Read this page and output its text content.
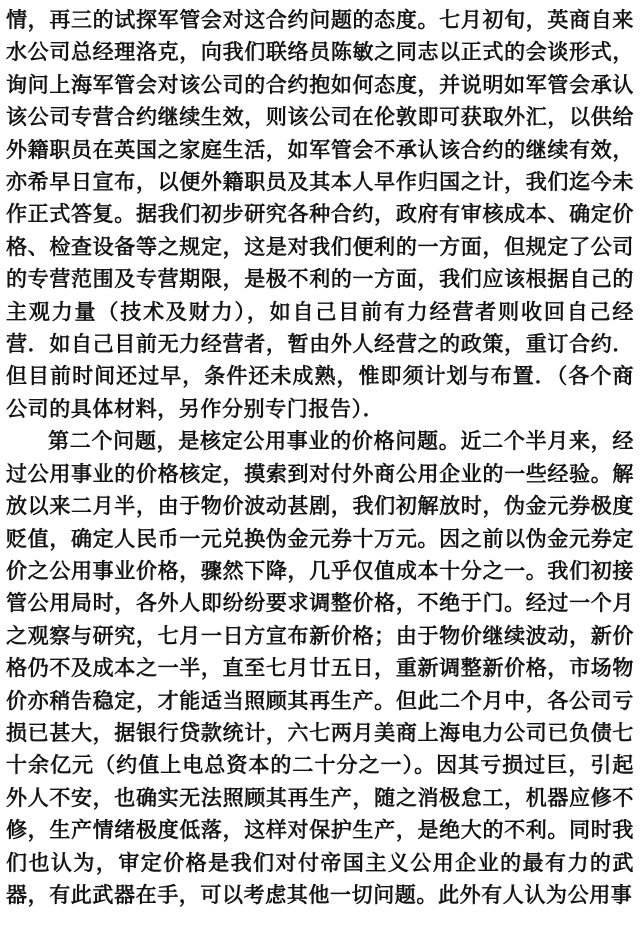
情，再三的试探军管会对这合约问题的态度。七月初旬，英商自来水公司总经理洛克，向我们联络员陈敏之同志以正式的会谈形式，询问上海军管会对该公司的合约抱如何态度，并说明如军管会承认该公司专营合约继续生效，则该公司在伦敦即可获取外汇，以供给外籍职员在英国之家庭生活，如军管会不承认该合约的继续有效，亦希早日宣布，以便外籍职员及其本人早作归国之计，我们迄今未作正式答复。据我们初步研究各种合约，政府有审核成本、确定价格、检查设备等之规定，这是对我们便利的一方面，但规定了公司的专营范围及专营期限，是极不利的一方面，我们应该根据自己的主观力量（技术及财力），如自己目前有力经营者则收回自己经营．如自己目前无力经营者，暂由外人经营之的政策，重订合约．但目前时间还过早，条件还未成熟，惟即须计划与布置．（各个商公司的具体材料，另作分别专门报告）．

第二个问题，是核定公用事业的价格问题。近二个半月来，经过公用事业的价格核定，摸索到对付外商公用企业的一些经验。解放以来二月半，由于物价波动甚剧，我们初解放时，伪金元券极度贬值，确定人民币一元兑换伪金元券十万元。因之前以伪金元券定价之公用事业价格，骤然下降，几乎仅值成本十分之一。我们初接管公用局时，各外人即纷纷要求调整价格，不绝于门。经过一个月之观察与研究，七月一日方宣布新价格；由于物价继续波动，新价格仍不及成本之一半，直至七月廿五日，重新调整新价格，市场物价亦稍告稳定，才能适当照顾其再生产。但此二个月中，各公司亏损已甚大，据银行贷款统计，六七两月美商上海电力公司已负债七十余亿元（约值上电总资本的二十分之一）。因其亏损过巨，引起外人不安，也确实无法照顾其再生产，随之消极怠工，机器应修不修，生产情绪极度低落，这样对保护生产，是绝大的不利。同时我们也认为，审定价格是我们对付帝国主义公用企业的最有力的武器，有此武器在手，可以考虑其他一切问题。此外有人认为公用事
